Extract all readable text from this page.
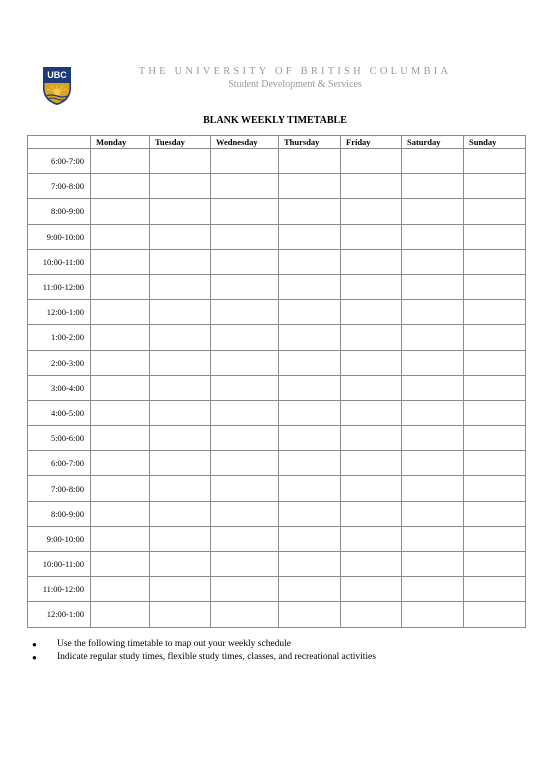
UBC	THE UNIVERSITY OF BRITISH COLUMBIA
Student Development & Services
BLANK WEEKLY TIMETABLE
	Monday	Tuesday	Wednesday	Thursday	Friday	Saturday	Sunday
6:00-7:00							
7:00-8:00							
8:00-9:00							
9:00-10:00							
10:00-11:00							
11:00-12:00							
12:00-1:00							
1:00-2:00							
2:00-3:00							
3:00-4:00							
4:00-5:00							
5:00-6:00							
6:00-7:00							
7:00-8:00							
8:00-9:00							
9:00-10:00							
10:00-11:00							
11:00-12:00							
12:00-1:00							
● Use the following timetable to map out your weekly schedule
● Indicate regular study times, flexible study times, classes, and recreational activities
